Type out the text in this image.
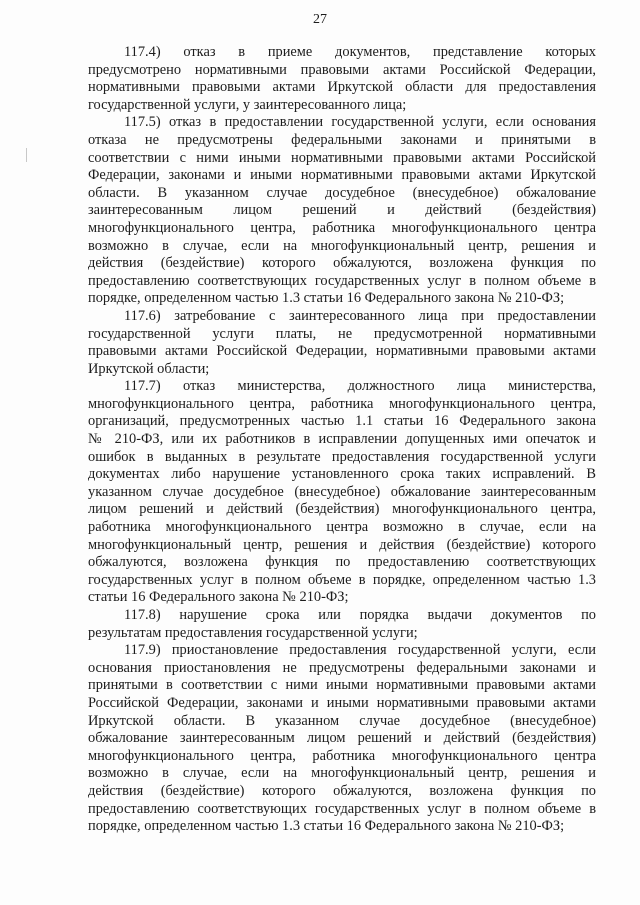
27
117.4) отказ в приеме документов, представление которых
предусмотрено нормативными правовыми актами Российской Федерации,
нормативными правовыми актами Иркутской области для предоставления
государственной услуги, у заинтересованного лица;
117.5) отказ в предоставлении государственной услуги, если основания
отказа не предусмотрены федеральными законами и принятыми в
соответствии с ними иными нормативными правовыми актами Российской
Федерации, законами и иными нормативными правовыми актами Иркутской
области. В указанном случае досудебное (внесудебное) обжалование
заинтересованным лицом решений и действий (бездействия)
многофункционального центра, работника многофункционального центра
возможно в случае, если на многофункциональный центр, решения и
действия (бездействие) которого обжалуются, возложена функция по
предоставлению соответствующих государственных услуг в полном объеме в
порядке, определенном частью 1.3 статьи 16 Федерального закона № 210-ФЗ;
117.6) затребование с заинтересованного лица при предоставлении
государственной услуги платы, не предусмотренной нормативными
правовыми актами Российской Федерации, нормативными правовыми актами
Иркутской области;
117.7) отказ министерства, должностного лица министерства,
многофункционального центра, работника многофункционального центра,
организаций, предусмотренных частью 1.1 статьи 16 Федерального закона
№ 210-ФЗ, или их работников в исправлении допущенных ими опечаток и
ошибок в выданных в результате предоставления государственной услуги
документах либо нарушение установленного срока таких исправлений. В
указанном случае досудебное (внесудебное) обжалование заинтересованным
лицом решений и действий (бездействия) многофункционального центра,
работника многофункционального центра возможно в случае, если на
многофункциональный центр, решения и действия (бездействие) которого
обжалуются, возложена функция по предоставлению соответствующих
государственных услуг в полном объеме в порядке, определенном частью 1.3
статьи 16 Федерального закона № 210-ФЗ;
117.8) нарушение срока или порядка выдачи документов по
результатам предоставления государственной услуги;
117.9) приостановление предоставления государственной услуги, если
основания приостановления не предусмотрены федеральными законами и
принятыми в соответствии с ними иными нормативными правовыми актами
Российской Федерации, законами и иными нормативными правовыми актами
Иркутской области. В указанном случае досудебное (внесудебное)
обжалование заинтересованным лицом решений и действий (бездействия)
многофункционального центра, работника многофункционального центра
возможно в случае, если на многофункциональный центр, решения и
действия (бездействие) которого обжалуются, возложена функция по
предоставлению соответствующих государственных услуг в полном объеме в
порядке, определенном частью 1.3 статьи 16 Федерального закона № 210-ФЗ;
